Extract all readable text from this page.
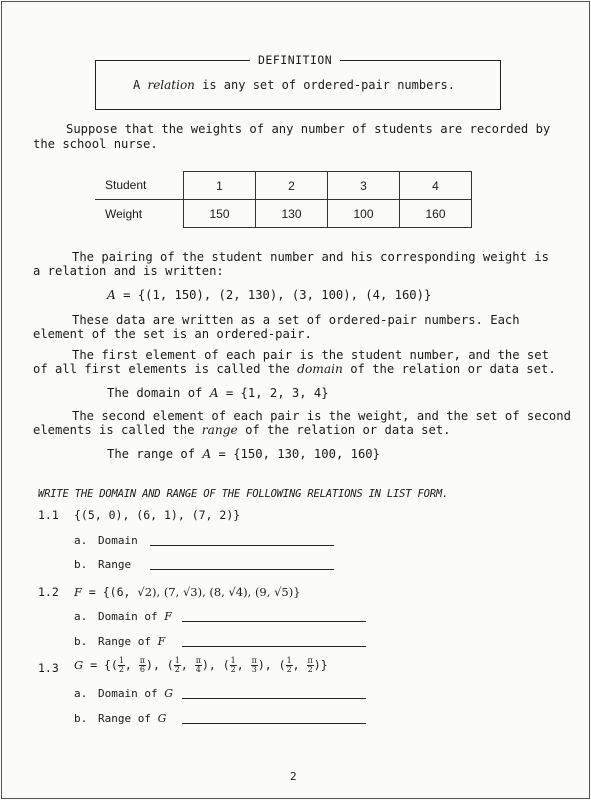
DEFINITION
A relation is any set of ordered-pair numbers.
Suppose that the weights of any number of students are recorded by
the school nurse.
Student	1	2	3	4
Weight	150	130	100	160
The pairing of the student number and his corresponding weight is
a relation and is written:
A = {(1, 150), (2, 130), (3, 100), (4, 160)}
These data are written as a set of ordered-pair numbers. Each
element of the set is an ordered-pair.
The first element of each pair is the student number, and the set
of all first elements is called the domain of the relation or data set.
The domain of A = {1, 2, 3, 4}
The second element of each pair is the weight, and the set of second
elements is called the range of the relation or data set.
The range of A = {150, 130, 100, 160}
WRITE THE DOMAIN AND RANGE OF THE FOLLOWING RELATIONS IN LIST FORM.
1.1 {(5, 0), (6, 1), (7, 2)}
a. Domain
b. Range
1.2 F = {(6, √2), (7, √3), (8, √4), (9, √5)}
a. Domain of F
b. Range of F
1.3 G = {( $\frac{1}{2}$ , $\frac{\pi}{6}$ ), ( $\frac{1}{2}$ , $\frac{\pi}{4}$ ), ( $\frac{1}{2}$ , $\frac{\pi}{3}$ ), ( $\frac{1}{2}$ , $\frac{\pi}{2}$ )}
a. Domain of G
b. Range of G
2
